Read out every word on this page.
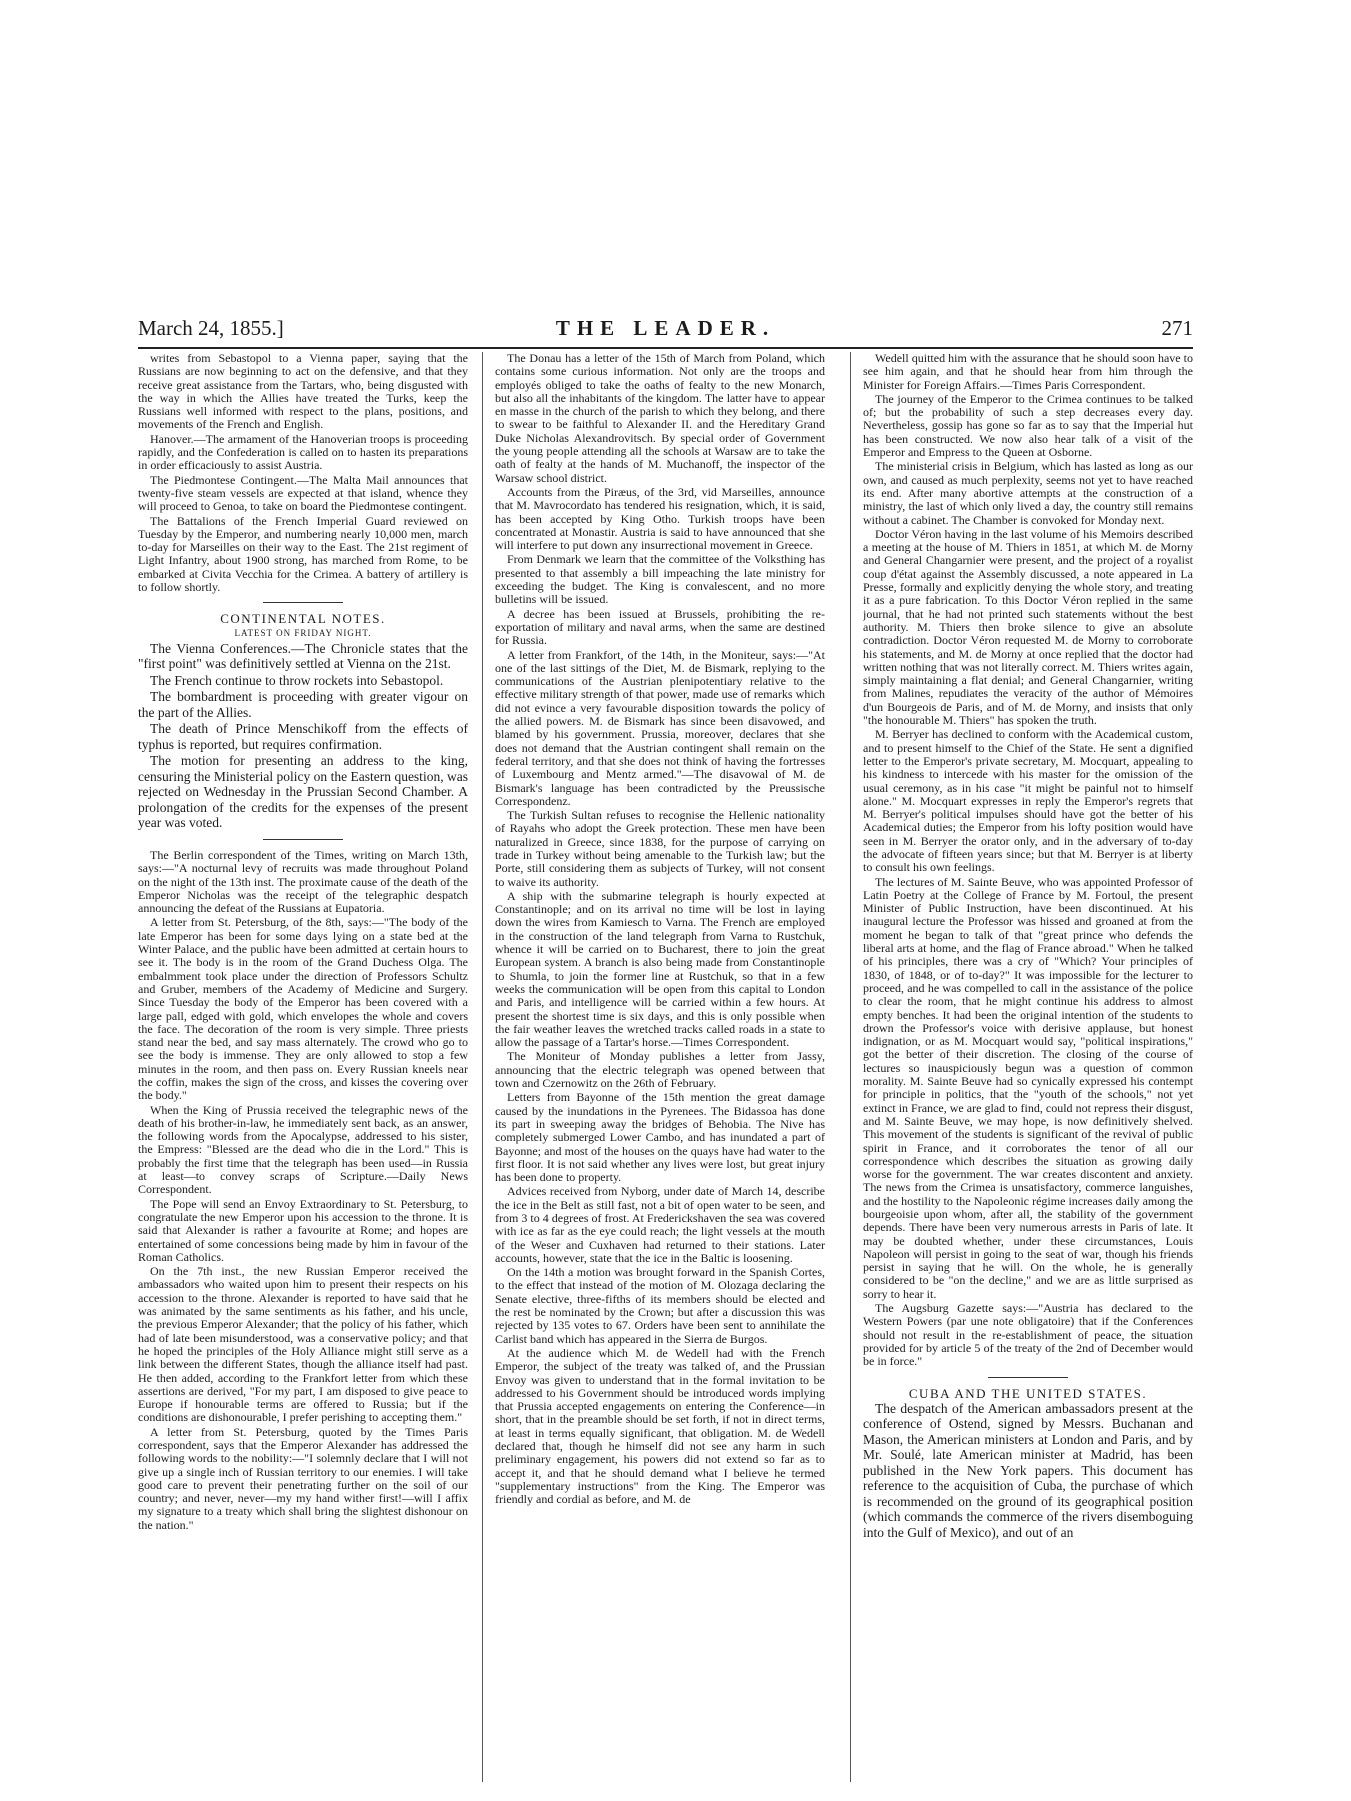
March 24, 1855.]	THE LEADER.	271

writes from Sebastopol to a Vienna paper, saying that the Russians are now beginning to act on the defensive, and that they receive great assistance from the Tartars, who, being disgusted with the way in which the Allies have treated the Turks, keep the Russians well informed with respect to the plans, positions, and movements of the French and English.

Hanover.—The armament of the Hanoverian troops is proceeding rapidly, and the Confederation is called on to hasten its preparations in order efficaciously to assist Austria.

The Piedmontese Contingent.—The Malta Mail announces that twenty-five steam vessels are expected at that island, whence they will proceed to Genoa, to take on board the Piedmontese contingent.

The Battalions of the French Imperial Guard reviewed on Tuesday by the Emperor, and numbering nearly 10,000 men, march to-day for Marseilles on their way to the East. The 21st regiment of Light Infantry, about 1900 strong, has marched from Rome, to be embarked at Civita Vecchia for the Crimea. A battery of artillery is to follow shortly.

CONTINENTAL NOTES.

LATEST ON FRIDAY NIGHT.

The Vienna Conferences.—The Chronicle states that the "first point" was definitively settled at Vienna on the 21st.

The French continue to throw rockets into Sebastopol.

The bombardment is proceeding with greater vigour on the part of the Allies.

The death of Prince Menschikoff from the effects of typhus is reported, but requires confirmation.

The motion for presenting an address to the king, censuring the Ministerial policy on the Eastern question, was rejected on Wednesday in the Prussian Second Chamber. A prolongation of the credits for the expenses of the present year was voted.

The Berlin correspondent of the Times, writing on March 13th, says:—"A nocturnal levy of recruits was made throughout Poland on the night of the 13th inst. The proximate cause of the death of the Emperor Nicholas was the receipt of the telegraphic despatch announcing the defeat of the Russians at Eupatoria.

A letter from St. Petersburg, of the 8th, says:—"The body of the late Emperor has been for some days lying on a state bed at the Winter Palace, and the public have been admitted at certain hours to see it. The body is in the room of the Grand Duchess Olga. The embalmment took place under the direction of Professors Schultz and Gruber, members of the Academy of Medicine and Surgery. Since Tuesday the body of the Emperor has been covered with a large pall, edged with gold, which envelopes the whole and covers the face. The decoration of the room is very simple. Three priests stand near the bed, and say mass alternately. The crowd who go to see the body is immense. They are only allowed to stop a few minutes in the room, and then pass on. Every Russian kneels near the coffin, makes the sign of the cross, and kisses the covering over the body."

When the King of Prussia received the telegraphic news of the death of his brother-in-law, he immediately sent back, as an answer, the following words from the Apocalypse, addressed to his sister, the Empress: "Blessed are the dead who die in the Lord." This is probably the first time that the telegraph has been used—in Russia at least—to convey scraps of Scripture.—Daily News Correspondent.

The Pope will send an Envoy Extraordinary to St. Petersburg, to congratulate the new Emperor upon his accession to the throne. It is said that Alexander is rather a favourite at Rome; and hopes are entertained of some concessions being made by him in favour of the Roman Catholics.

On the 7th inst., the new Russian Emperor received the ambassadors who waited upon him to present their respects on his accession to the throne. Alexander is reported to have said that he was animated by the same sentiments as his father, and his uncle, the previous Emperor Alexander; that the policy of his father, which had of late been misunderstood, was a conservative policy; and that he hoped the principles of the Holy Alliance might still serve as a link between the different States, though the alliance itself had past. He then added, according to the Frankfort letter from which these assertions are derived, "For my part, I am disposed to give peace to Europe if honourable terms are offered to Russia; but if the conditions are dishonourable, I prefer perishing to accepting them."

A letter from St. Petersburg, quoted by the Times Paris correspondent, says that the Emperor Alexander has addressed the following words to the nobility:—"I solemnly declare that I will not give up a single inch of Russian territory to our enemies. I will take good care to prevent their penetrating further on the soil of our country; and never, never—my my hand wither first!—will I affix my signature to a treaty which shall bring the slightest dishonour on the nation."

The Donau has a letter of the 15th of March from Poland, which contains some curious information. Not only are the troops and employés obliged to take the oaths of fealty to the new Monarch, but also all the inhabitants of the kingdom. The latter have to appear en masse in the church of the parish to which they belong, and there to swear to be faithful to Alexander II. and the Hereditary Grand Duke Nicholas Alexandrovitsch. By special order of Government the young people attending all the schools at Warsaw are to take the oath of fealty at the hands of M. Muchanoff, the inspector of the Warsaw school district.

Accounts from the Piræus, of the 3rd, vid Marseilles, announce that M. Mavrocordato has tendered his resignation, which, it is said, has been accepted by King Otho. Turkish troops have been concentrated at Monastir. Austria is said to have announced that she will interfere to put down any insurrectional movement in Greece.

From Denmark we learn that the committee of the Volksthing has presented to that assembly a bill impeaching the late ministry for exceeding the budget. The King is convalescent, and no more bulletins will be issued.

A decree has been issued at Brussels, prohibiting the re-exportation of military and naval arms, when the same are destined for Russia.

A letter from Frankfort, of the 14th, in the Moniteur, says:—"At one of the last sittings of the Diet, M. de Bismark, replying to the communications of the Austrian plenipotentiary relative to the effective military strength of that power, made use of remarks which did not evince a very favourable disposition towards the policy of the allied powers. M. de Bismark has since been disavowed, and blamed by his government. Prussia, moreover, declares that she does not demand that the Austrian contingent shall remain on the federal territory, and that she does not think of having the fortresses of Luxembourg and Mentz armed."—The disavowal of M. de Bismark's language has been contradicted by the Preussische Correspondenz.

The Turkish Sultan refuses to recognise the Hellenic nationality of Rayahs who adopt the Greek protection. These men have been naturalized in Greece, since 1838, for the purpose of carrying on trade in Turkey without being amenable to the Turkish law; but the Porte, still considering them as subjects of Turkey, will not consent to waive its authority.

A ship with the submarine telegraph is hourly expected at Constantinople; and on its arrival no time will be lost in laying down the wires from Kamiesch to Varna. The French are employed in the construction of the land telegraph from Varna to Rustchuk, whence it will be carried on to Bucharest, there to join the great European system. A branch is also being made from Constantinople to Shumla, to join the former line at Rustchuk, so that in a few weeks the communication will be open from this capital to London and Paris, and intelligence will be carried within a few hours. At present the shortest time is six days, and this is only possible when the fair weather leaves the wretched tracks called roads in a state to allow the passage of a Tartar's horse.—Times Correspondent.

The Moniteur of Monday publishes a letter from Jassy, announcing that the electric telegraph was opened between that town and Czernowitz on the 26th of February.

Letters from Bayonne of the 15th mention the great damage caused by the inundations in the Pyrenees. The Bidassoa has done its part in sweeping away the bridges of Behobia. The Nive has completely submerged Lower Cambo, and has inundated a part of Bayonne; and most of the houses on the quays have had water to the first floor. It is not said whether any lives were lost, but great injury has been done to property.

Advices received from Nyborg, under date of March 14, describe the ice in the Belt as still fast, not a bit of open water to be seen, and from 3 to 4 degrees of frost. At Frederickshaven the sea was covered with ice as far as the eye could reach; the light vessels at the mouth of the Weser and Cuxhaven had returned to their stations. Later accounts, however, state that the ice in the Baltic is loosening.

On the 14th a motion was brought forward in the Spanish Cortes, to the effect that instead of the motion of M. Olozaga declaring the Senate elective, three-fifths of its members should be elected and the rest be nominated by the Crown; but after a discussion this was rejected by 135 votes to 67. Orders have been sent to annihilate the Carlist band which has appeared in the Sierra de Burgos.

At the audience which M. de Wedell had with the French Emperor, the subject of the treaty was talked of, and the Prussian Envoy was given to understand that in the formal invitation to be addressed to his Government should be introduced words implying that Prussia accepted engagements on entering the Conference—in short, that in the preamble should be set forth, if not in direct terms, at least in terms equally significant, that obligation. M. de Wedell declared that, though he himself did not see any harm in such preliminary engagement, his powers did not extend so far as to accept it, and that he should demand what I believe he termed "supplementary instructions" from the King. The Emperor was friendly and cordial as before, and M. de

Wedell quitted him with the assurance that he should soon have to see him again, and that he should hear from him through the Minister for Foreign Affairs.—Times Paris Correspondent.

The journey of the Emperor to the Crimea continues to be talked of; but the probability of such a step decreases every day. Nevertheless, gossip has gone so far as to say that the Imperial hut has been constructed. We now also hear talk of a visit of the Emperor and Empress to the Queen at Osborne.

The ministerial crisis in Belgium, which has lasted as long as our own, and caused as much perplexity, seems not yet to have reached its end. After many abortive attempts at the construction of a ministry, the last of which only lived a day, the country still remains without a cabinet. The Chamber is convoked for Monday next.

Doctor Véron having in the last volume of his Memoirs described a meeting at the house of M. Thiers in 1851, at which M. de Morny and General Changarnier were present, and the project of a royalist coup d'état against the Assembly discussed, a note appeared in La Presse, formally and explicitly denying the whole story, and treating it as a pure fabrication. To this Doctor Véron replied in the same journal, that he had not printed such statements without the best authority. M. Thiers then broke silence to give an absolute contradiction. Doctor Véron requested M. de Morny to corroborate his statements, and M. de Morny at once replied that the doctor had written nothing that was not literally correct. M. Thiers writes again, simply maintaining a flat denial; and General Changarnier, writing from Malines, repudiates the veracity of the author of Mémoires d'un Bourgeois de Paris, and of M. de Morny, and insists that only "the honourable M. Thiers" has spoken the truth.

M. Berryer has declined to conform with the Academical custom, and to present himself to the Chief of the State. He sent a dignified letter to the Emperor's private secretary, M. Mocquart, appealing to his kindness to intercede with his master for the omission of the usual ceremony, as in his case "it might be painful not to himself alone." M. Mocquart expresses in reply the Emperor's regrets that M. Berryer's political impulses should have got the better of his Academical duties; the Emperor from his lofty position would have seen in M. Berryer the orator only, and in the adversary of to-day the advocate of fifteen years since; but that M. Berryer is at liberty to consult his own feelings.

The lectures of M. Sainte Beuve, who was appointed Professor of Latin Poetry at the College of France by M. Fortoul, the present Minister of Public Instruction, have been discontinued. At his inaugural lecture the Professor was hissed and groaned at from the moment he began to talk of that "great prince who defends the liberal arts at home, and the flag of France abroad." When he talked of his principles, there was a cry of "Which? Your principles of 1830, of 1848, or of to-day?" It was impossible for the lecturer to proceed, and he was compelled to call in the assistance of the police to clear the room, that he might continue his address to almost empty benches. It had been the original intention of the students to drown the Professor's voice with derisive applause, but honest indignation, or as M. Mocquart would say, "political inspirations," got the better of their discretion. The closing of the course of lectures so inauspiciously begun was a question of common morality. M. Sainte Beuve had so cynically expressed his contempt for principle in politics, that the "youth of the schools," not yet extinct in France, we are glad to find, could not repress their disgust, and M. Sainte Beuve, we may hope, is now definitively shelved. This movement of the students is significant of the revival of public spirit in France, and it corroborates the tenor of all our correspondence which describes the situation as growing daily worse for the government. The war creates discontent and anxiety. The news from the Crimea is unsatisfactory, commerce languishes, and the hostility to the Napoleonic régime increases daily among the bourgeoisie upon whom, after all, the stability of the government depends. There have been very numerous arrests in Paris of late. It may be doubted whether, under these circumstances, Louis Napoleon will persist in going to the seat of war, though his friends persist in saying that he will. On the whole, he is generally considered to be "on the decline," and we are as little surprised as sorry to hear it.

The Augsburg Gazette says:—"Austria has declared to the Western Powers (par une note obligatoire) that if the Conferences should not result in the re-establishment of peace, the situation provided for by article 5 of the treaty of the 2nd of December would be in force."

CUBA AND THE UNITED STATES.

The despatch of the American ambassadors present at the conference of Ostend, signed by Messrs. Buchanan and Mason, the American ministers at London and Paris, and by Mr. Soulé, late American minister at Madrid, has been published in the New York papers. This document has reference to the acquisition of Cuba, the purchase of which is recommended on the ground of its geographical position (which commands the commerce of the rivers disemboguing into the Gulf of Mexico), and out of an
